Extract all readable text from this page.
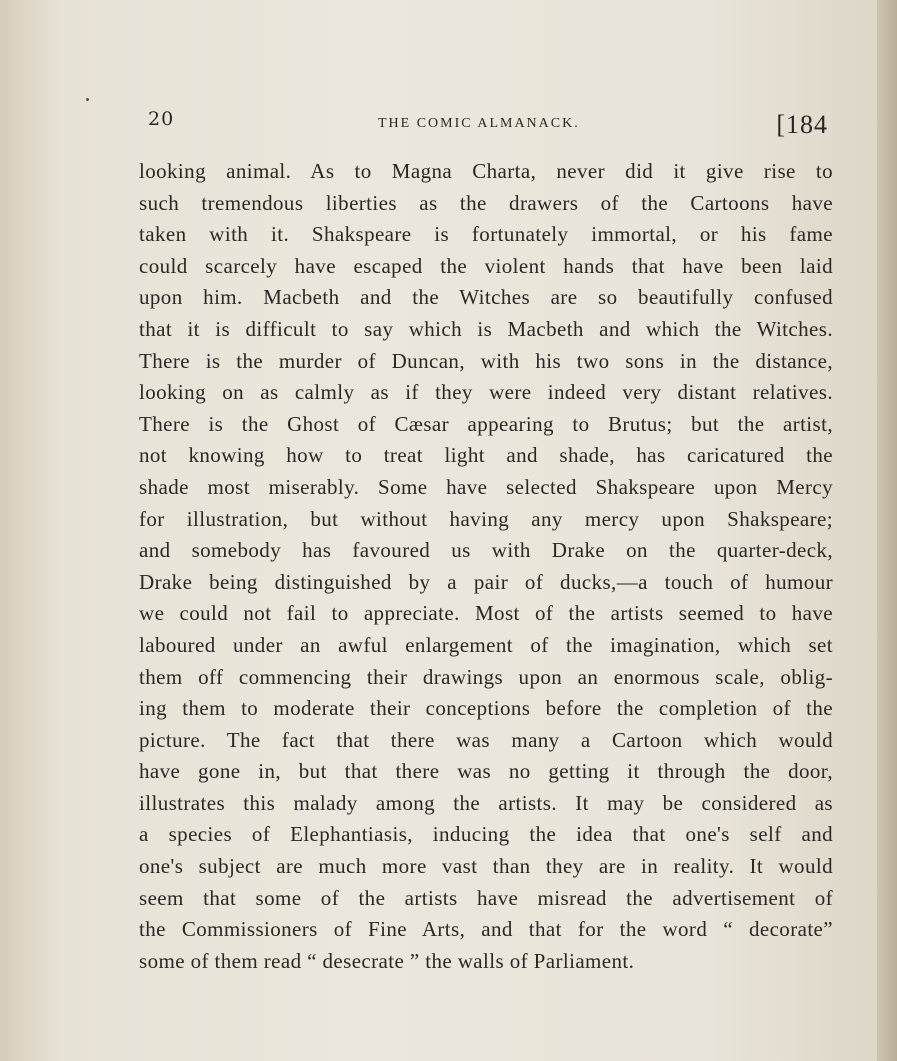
20	THE COMIC ALMANACK.	[184
looking animal. As to Magna Charta, never did it give rise to
such tremendous liberties as the drawers of the Cartoons have
taken with it. Shakspeare is fortunately immortal, or his fame
could scarcely have escaped the violent hands that have been laid
upon him. Macbeth and the Witches are so beautifully confused
that it is difficult to say which is Macbeth and which the Witches.
There is the murder of Duncan, with his two sons in the distance,
looking on as calmly as if they were indeed very distant relatives.
There is the Ghost of Cæsar appearing to Brutus; but the artist,
not knowing how to treat light and shade, has caricatured the
shade most miserably. Some have selected Shakspeare upon Mercy
for illustration, but without having any mercy upon Shakspeare;
and somebody has favoured us with Drake on the quarter-deck,
Drake being distinguished by a pair of ducks,—a touch of humour
we could not fail to appreciate. Most of the artists seemed to have
laboured under an awful enlargement of the imagination, which set
them off commencing their drawings upon an enormous scale, oblig-
ing them to moderate their conceptions before the completion of the
picture. The fact that there was many a Cartoon which would
have gone in, but that there was no getting it through the door,
illustrates this malady among the artists. It may be considered as
a species of Elephantiasis, inducing the idea that one's self and
one's subject are much more vast than they are in reality. It would
seem that some of the artists have misread the advertisement of
the Commissioners of Fine Arts, and that for the word “ decorate”
some of them read “ desecrate ” the walls of Parliament.
